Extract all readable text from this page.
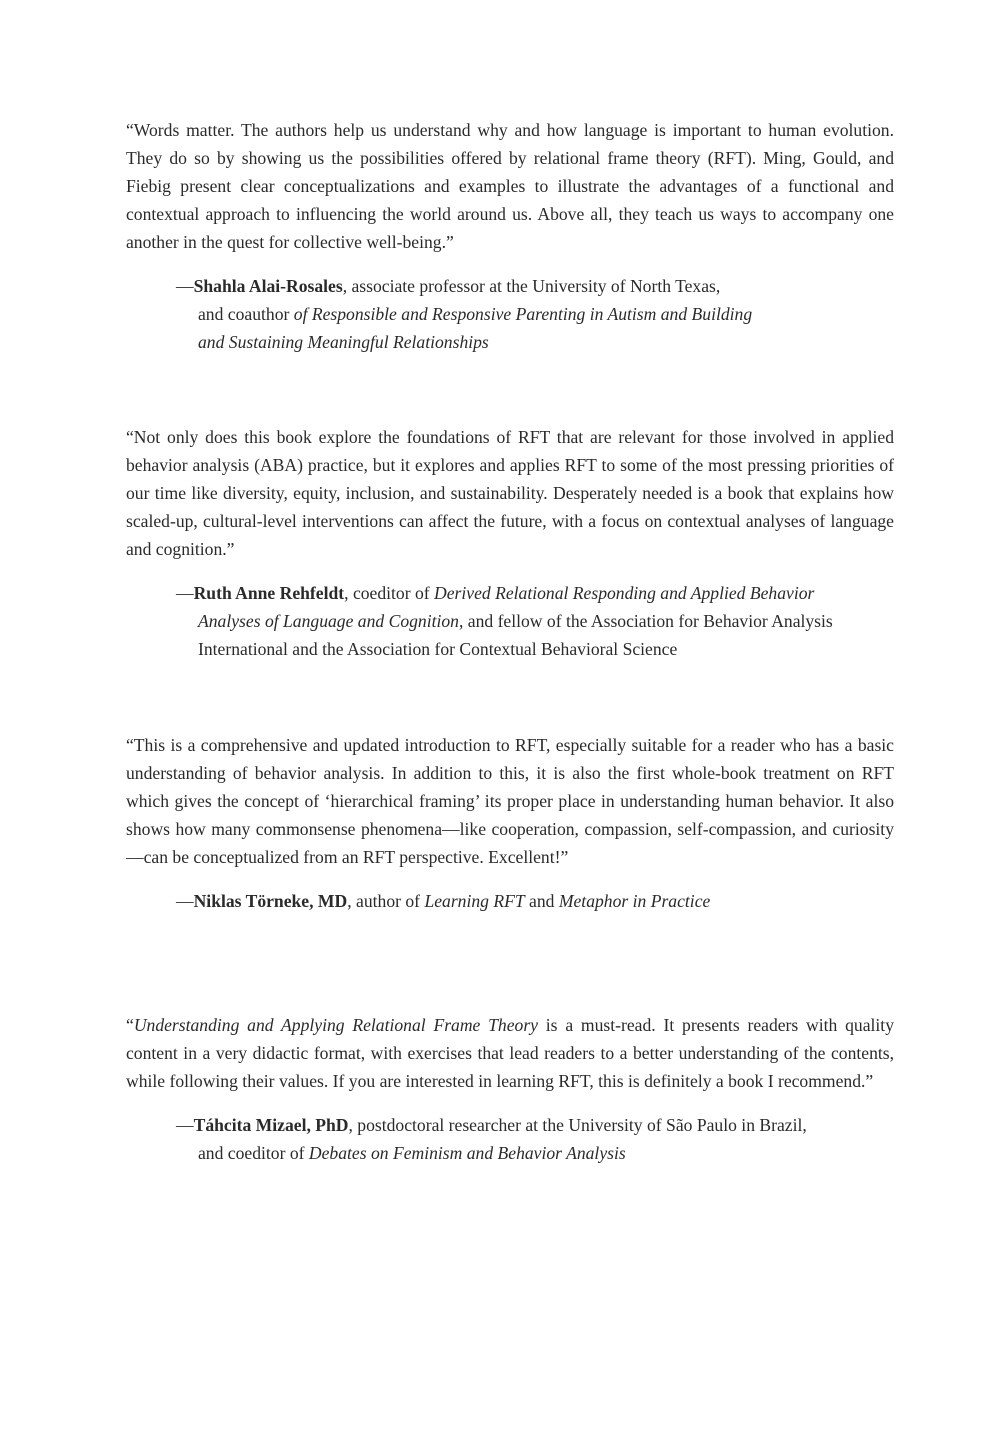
“Words matter. The authors help us understand why and how language is important to human evolution. They do so by showing us the possibilities offered by relational frame theory (RFT). Ming, Gould, and Fiebig present clear conceptualizations and examples to illustrate the advantages of a functional and contextual approach to influencing the world around us. Above all, they teach us ways to accompany one another in the quest for collective well-being.”

—Shahla Alai-Rosales, associate professor at the University of North Texas,
and coauthor of Responsible and Responsive Parenting in Autism and Building
and Sustaining Meaningful Relationships

“Not only does this book explore the foundations of RFT that are relevant for those involved in applied behavior analysis (ABA) practice, but it explores and applies RFT to some of the most pressing priorities of our time like diversity, equity, inclusion, and sustainability. Desperately needed is a book that explains how scaled-up, cultural-level interventions can affect the future, with a focus on contextual analyses of language and cognition.”

—Ruth Anne Rehfeldt, coeditor of Derived Relational Responding and Applied Behavior
Analyses of Language and Cognition, and fellow of the Association for Behavior Analysis
International and the Association for Contextual Behavioral Science

“This is a comprehensive and updated introduction to RFT, especially suitable for a reader who has a basic understanding of behavior analysis. In addition to this, it is also the first whole-book treatment on RFT which gives the concept of ‘hierarchical framing’ its proper place in understanding human behavior. It also shows how many commonsense phenomena—like cooperation, compassion, self-compassion, and curiosity—can be conceptualized from an RFT perspective. Excellent!”

—Niklas Törneke, MD, author of Learning RFT and Metaphor in Practice

“Understanding and Applying Relational Frame Theory is a must-read. It presents readers with quality content in a very didactic format, with exercises that lead readers to a better understanding of the contents, while following their values. If you are interested in learning RFT, this is definitely a book I recommend.”

—Táhcita Mizael, PhD, postdoctoral researcher at the University of São Paulo in Brazil,
and coeditor of Debates on Feminism and Behavior Analysis
